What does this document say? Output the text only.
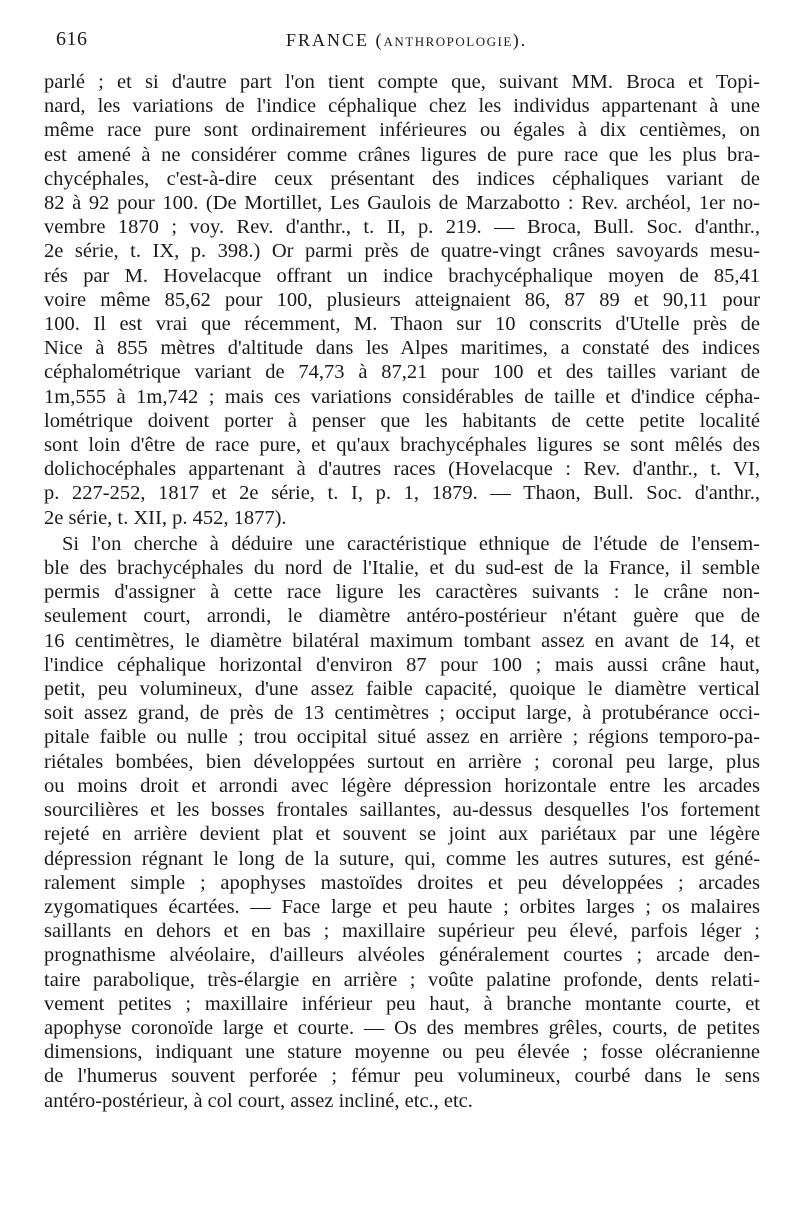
616	FRANCE (ANTHROPOLOGIE).

parlé ; et si d'autre part l'on tient compte que, suivant MM. Broca et Topi-
nard, les variations de l'indice céphalique chez les individus appartenant à une
même race pure sont ordinairement inférieures ou égales à dix centièmes, on
est amené à ne considérer comme crânes ligures de pure race que les plus bra-
chycéphales, c'est-à-dire ceux présentant des indices céphaliques variant de
82 à 92 pour 100. (De Mortillet, Les Gaulois de Marzabotto : Rev. archéol, 1er no-
vembre 1870 ; voy. Rev. d'anthr., t. II, p. 219. — Broca, Bull. Soc. d'anthr.,
2e série, t. IX, p. 398.) Or parmi près de quatre-vingt crânes savoyards mesu-
rés par M. Hovelacque offrant un indice brachycéphalique moyen de 85,41
voire même 85,62 pour 100, plusieurs atteignaient 86, 87 89 et 90,11 pour
100. Il est vrai que récemment, M. Thaon sur 10 conscrits d'Utelle près de
Nice à 855 mètres d'altitude dans les Alpes maritimes, a constaté des indices
céphalométrique variant de 74,73 à 87,21 pour 100 et des tailles variant de
1m,555 à 1m,742 ; mais ces variations considérables de taille et d'indice cépha-
lométrique doivent porter à penser que les habitants de cette petite localité
sont loin d'être de race pure, et qu'aux brachycéphales ligures se sont mêlés des
dolichocéphales appartenant à d'autres races (Hovelacque : Rev. d'anthr., t. VI,
p. 227-252, 1817 et 2e série, t. I, p. 1, 1879. — Thaon, Bull. Soc. d'anthr.,
2e série, t. XII, p. 452, 1877).

Si l'on cherche à déduire une caractéristique ethnique de l'étude de l'ensem-
ble des brachycéphales du nord de l'Italie, et du sud-est de la France, il semble
permis d'assigner à cette race ligure les caractères suivants : le crâne non-
seulement court, arrondi, le diamètre antéro-postérieur n'étant guère que de
16 centimètres, le diamètre bilatéral maximum tombant assez en avant de 14, et
l'indice céphalique horizontal d'environ 87 pour 100 ; mais aussi crâne haut,
petit, peu volumineux, d'une assez faible capacité, quoique le diamètre vertical
soit assez grand, de près de 13 centimètres ; occiput large, à protubérance occi-
pitale faible ou nulle ; trou occipital situé assez en arrière ; régions temporo-pa-
riétales bombées, bien développées surtout en arrière ; coronal peu large, plus
ou moins droit et arrondi avec légère dépression horizontale entre les arcades
sourcilières et les bosses frontales saillantes, au-dessus desquelles l'os fortement
rejeté en arrière devient plat et souvent se joint aux pariétaux par une légère
dépression régnant le long de la suture, qui, comme les autres sutures, est géné-
ralement simple ; apophyses mastoïdes droites et peu développées ; arcades
zygomatiques écartées. — Face large et peu haute ; orbites larges ; os malaires
saillants en dehors et en bas ; maxillaire supérieur peu élevé, parfois léger ;
prognathisme alvéolaire, d'ailleurs alvéoles généralement courtes ; arcade den-
taire parabolique, très-élargie en arrière ; voûte palatine profonde, dents relati-
vement petites ; maxillaire inférieur peu haut, à branche montante courte, et
apophyse coronoïde large et courte. — Os des membres grêles, courts, de petites
dimensions, indiquant une stature moyenne ou peu élevée ; fosse olécranienne
de l'humerus souvent perforée ; fémur peu volumineux, courbé dans le sens
antéro-postérieur, à col court, assez incliné, etc., etc.
